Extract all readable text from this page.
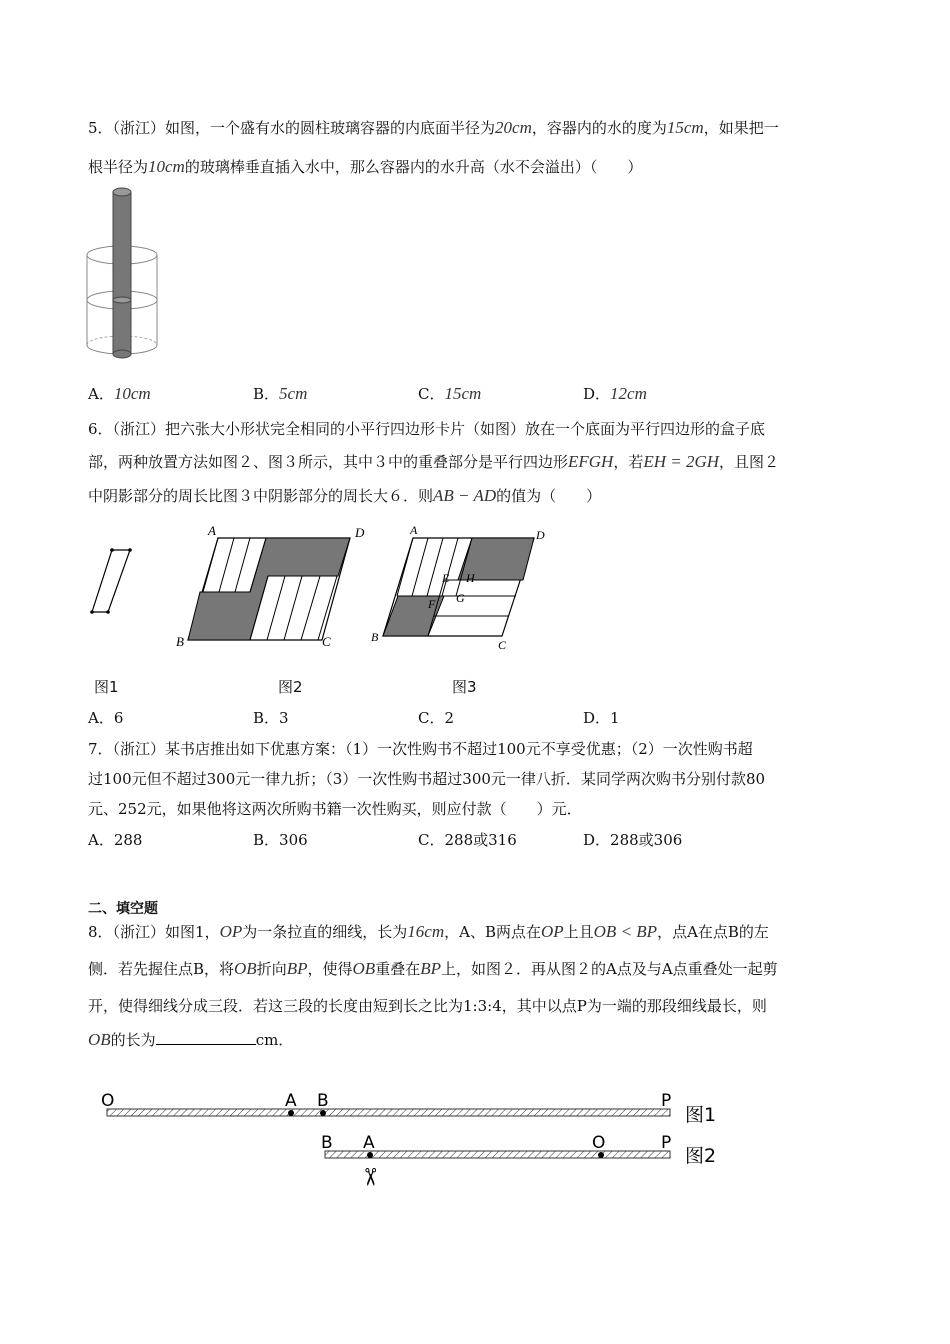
5．（浙江）如图，一个盛有水的圆柱玻璃容器的内底面半径为20cm，容器内的水的度为15cm，如果把一
根半径为10cm的玻璃棒垂直插入水中，那么容器内的水升高（水不会溢出）（　　）
A．10cm	B．5cm	C．15cm	D．12cm
6．（浙江）把六张大小形状完全相同的小平行四边形卡片（如图）放在一个底面为平行四边形的盒子底
部，两种放置方法如图２、图３所示，其中３中的重叠部分是平行四边形EFGH，若EH = 2GH，且图２
中阴影部分的周长比图３中阴影部分的周长大６．则AB − AD的值为（　　）
A	D
B	C
A	D
B
C
E H
F G
图1	图2	图3
A．6	B．3	C．2	D．1
7．（浙江）某书店推出如下优惠方案：（1）一次性购书不超过100元不享受优惠；（2）一次性购书超
过100元但不超过300元一律九折；（3）一次性购书超过300元一律八折．某同学两次购书分别付款80
元、252元，如果他将这两次所购书籍一次性购买，则应付款（　　）元．
A．288	B．306	C．288或316	D．288或306
二、填空题
8．（浙江）如图1，OP为一条拉直的细线，长为16cm，A、B两点在OP上且OB < BP，点A在点B的左
侧．若先握住点B，将OB折向BP，使得OB重叠在BP上，如图２．再从图２的A点及与A点重叠处一起剪
开，使得细线分成三段．若这三段的长度由短到长之比为1:3:4，其中以点P为一端的那段细线最长，则
OB的长为	cm．
O	A B	P
图1
B A	O	P
图2
✂
